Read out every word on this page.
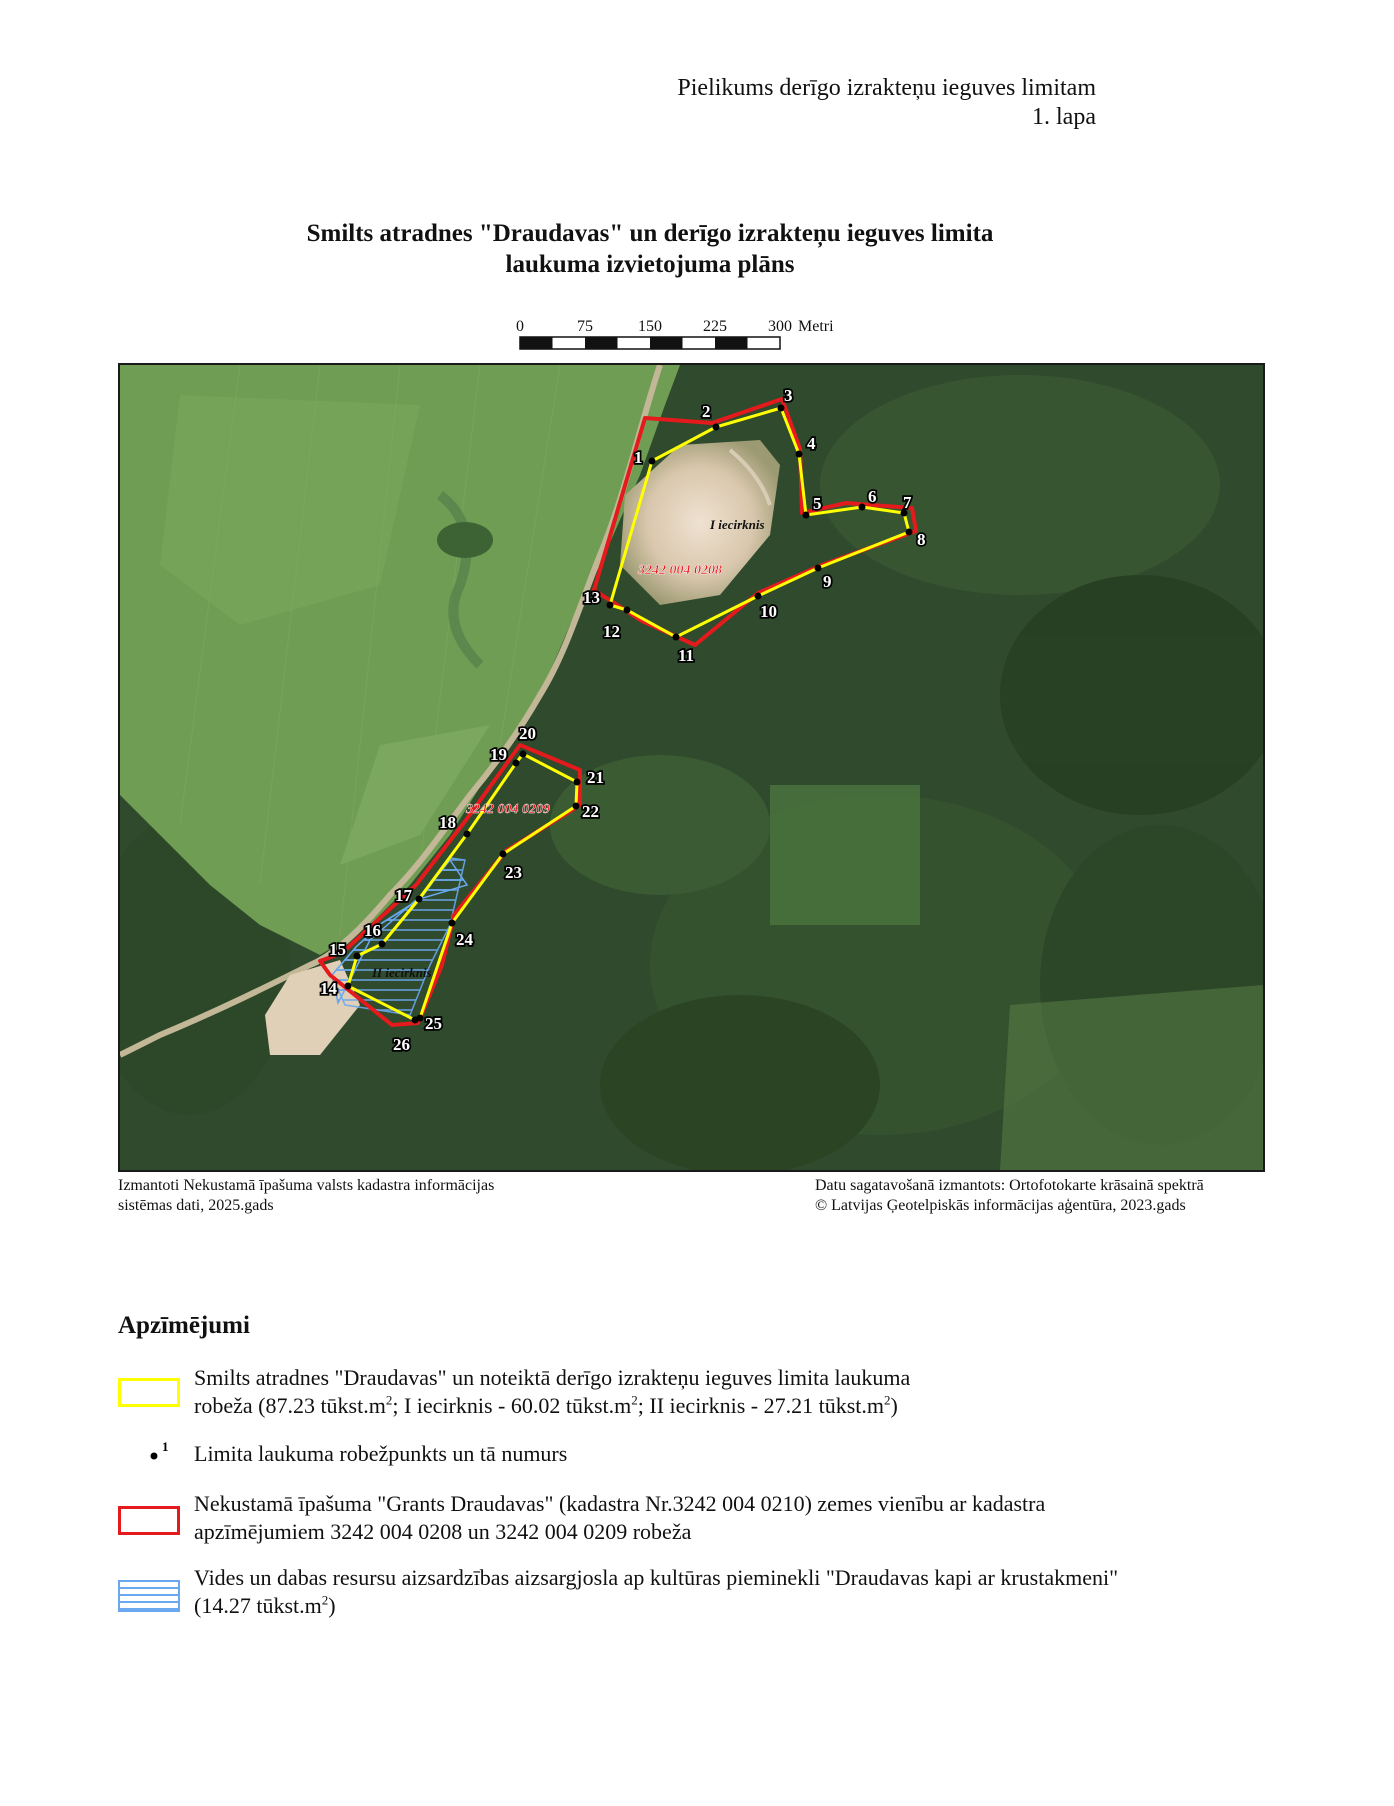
Pielikums derīgo izrakteņu ieguves limitam
1. lapa
Smilts atradnes "Draudavas" un derīgo izrakteņu ieguves limita
laukuma izvietojuma plāns
0	75	150	225	300 Metri
I iecirknis
3242 004 0208
3242 004 0209
II iecirknis
1
2
3
4
5	6 7
8
9
10
11
12
13
14
15
16
17
18
19
20
21
22
23
24
25
26
Izmantoti Nekustamā īpašuma valsts kadastra informācijas
sistēmas dati, 2025.gads
Datu sagatavošanā izmantots: Ortofotokarte krāsainā spektrā
© Latvijas Ģeotelpiskās informācijas aģentūra, 2023.gads
Apzīmējumi
Smilts atradnes "Draudavas" un noteiktā derīgo izrakteņu ieguves limita laukuma
robeža (87.23 $tūkst.m^2$; I iecirknis - 60.02 $tūkst.m^2$; II iecirknis - 27.21 $tūkst.m^2$)
1 Limita laukuma robežpunkts un tā numurs
Nekustamā īpašuma "Grants Draudavas" (kadastra Nr.3242 004 0210) zemes vienību ar kadastra
apzīmējumiem 3242 004 0208 un 3242 004 0209 robeža
Vides un dabas resursu aizsardzības aizsargjosla ap kultūras pieminekli "Draudavas kapi ar krustakmeni"
(14.27 $tūkst.m^2$)
